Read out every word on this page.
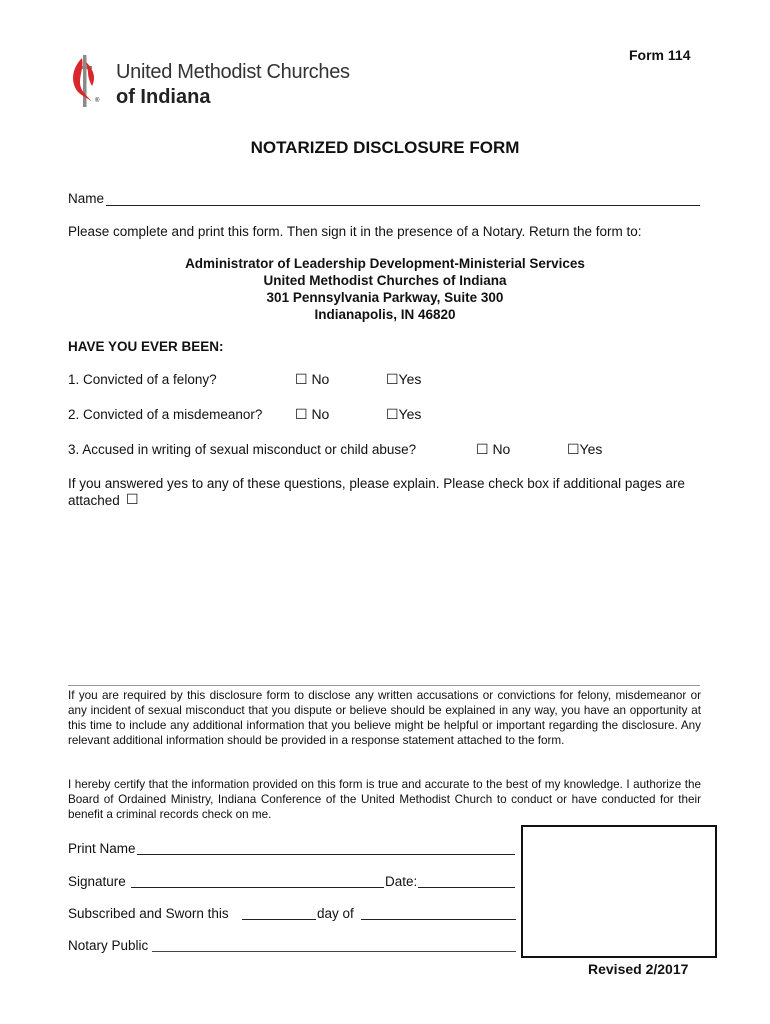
Form 114
®
United Methodist Churches
of Indiana
NOTARIZED DISCLOSURE FORM
Name
Please complete and print this form. Then sign it in the presence of a Notary. Return the form to:
Administrator of Leadership Development-Ministerial Services
United Methodist Churches of Indiana
301 Pennsylvania Parkway, Suite 300
Indianapolis, IN 46820
HAVE YOU EVER BEEN:
1. Convicted of a felony?	☐ No	☐Yes
2. Convicted of a misdemeanor? ☐ No	☐Yes
3. Accused in writing of sexual misconduct or child abuse?	☐ No	☐Yes
If you answered yes to any of these questions, please explain. Please check box if additional pages are
attached ☐
If you are required by this disclosure form to disclose any written accusations or convictions for felony, misdemeanor or any incident of sexual misconduct that you dispute or believe should be explained in any way, you have an opportunity at this time to include any additional information that you believe might be helpful or important regarding the disclosure. Any relevant additional information should be provided in a response statement attached to the form.
I hereby certify that the information provided on this form is true and accurate to the best of my knowledge. I authorize the Board of Ordained Ministry, Indiana Conference of the United Methodist Church to conduct or have conducted for their benefit a criminal records check on me.
Print Name
Signature	Date:
Subscribed and Sworn this	day of
Notary Public
Revised 2/2017
